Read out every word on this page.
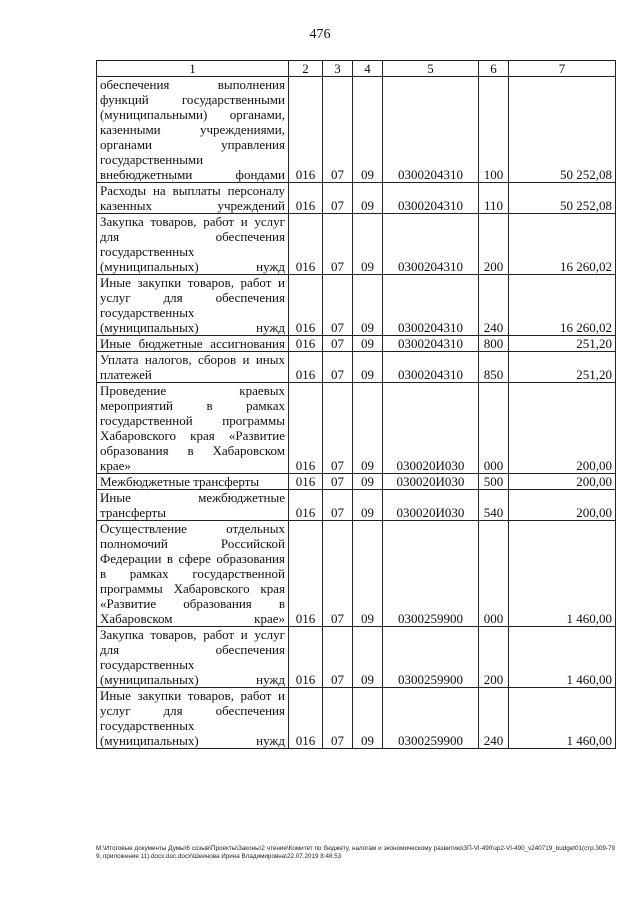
476
1	2	3	4	5	6	7
обеспечения выполнения функций государственными (муниципальными) органами, казенными учреждениями, органами управления государственными внебюджетными фондами	016	07	09	0300204310	100	50 252,08
Расходы на выплаты персоналу казенных учреждений	016	07	09	0300204310	110	50 252,08
Закупка товаров, работ и услуг для обеспечения государственных (муниципальных) нужд	016	07	09	0300204310	200	16 260,02
Иные закупки товаров, работ и услуг для обеспечения государственных (муниципальных) нужд	016	07	09	0300204310	240	16 260,02
Иные бюджетные ассигнования	016	07	09	0300204310	800	251,20
Уплата налогов, сборов и иных платежей	016	07	09	0300204310	850	251,20
Проведение краевых мероприятий в рамках государственной программы Хабаровского края «Развитие образования в Хабаровском крае»	016	07	09	030020И030	000	200,00
Межбюджетные трансферты	016	07	09	030020И030	500	200,00
Иные межбюджетные трансферты	016	07	09	030020И030	540	200,00
Осуществление отдельных полномочий Российской Федерации в сфере образования в рамках государственной программы Хабаровского края «Развитие образования в Хабаровском крае»	016	07	09	0300259900	000	1 460,00
Закупка товаров, работ и услуг для обеспечения государственных (муниципальных) нужд	016	07	09	0300259900	200	1 460,00
Иные закупки товаров, работ и услуг для обеспечения государственных (муниципальных) нужд	016	07	09	0300259900	240	1 460,00
M:\Итоговые документы Думы\6 созыв\Проекты\Законы\2 чтение\Комитет по бюджету, налогам и экономическому развитию\ЗП-VI-490\зр2-VI-490_v240719_budget01(стр.309-799, приложение 11).docx.doc.docx\Шеинова Ирина Владимировна\22.07.2019 8:48:53
